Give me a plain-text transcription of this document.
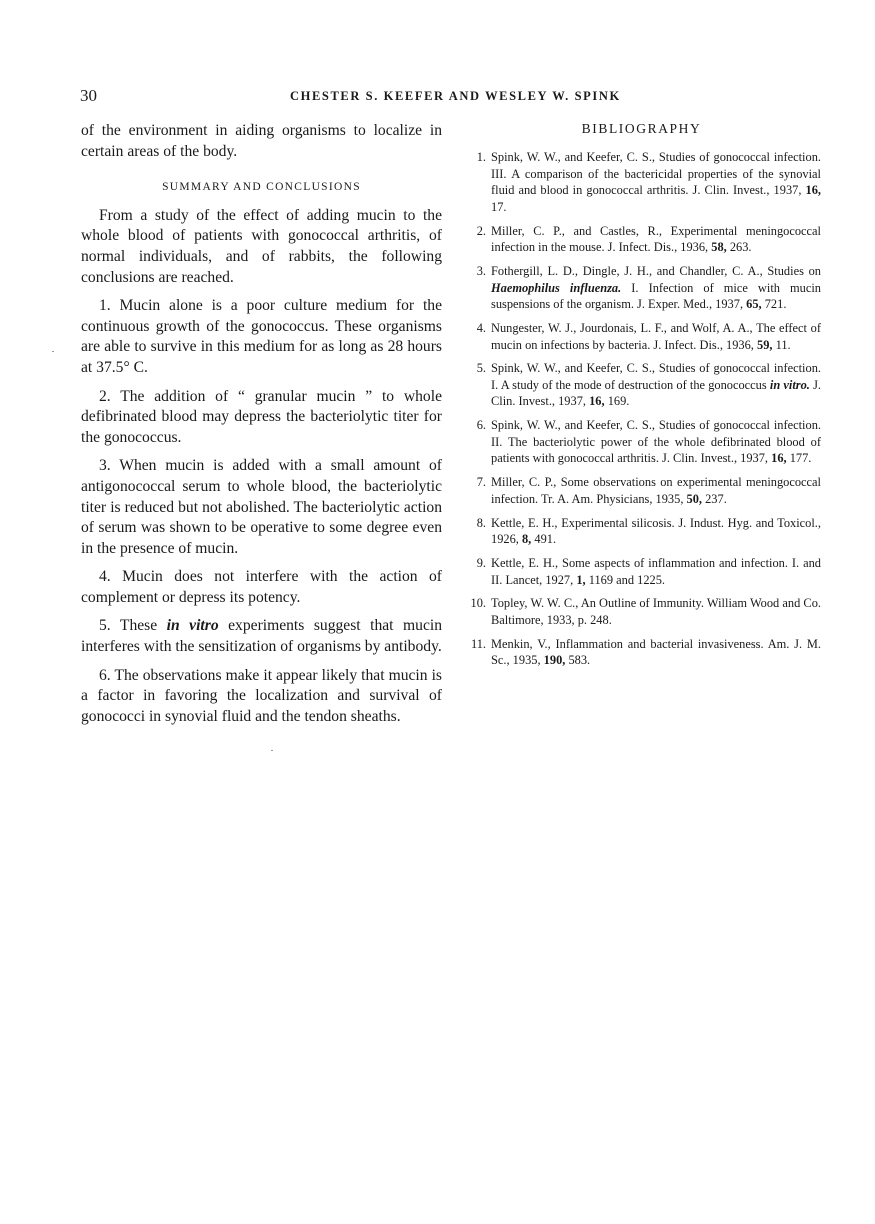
30	CHESTER S. KEEFER AND WESLEY W. SPINK

of the environment in aiding organisms to localize in certain areas of the body.

SUMMARY AND CONCLUSIONS

From a study of the effect of adding mucin to the whole blood of patients with gonococcal arthritis, of normal individuals, and of rabbits, the following conclusions are reached.

1. Mucin alone is a poor culture medium for the continuous growth of the gonococcus. These organisms are able to survive in this medium for as long as 28 hours at 37.5° C.

2. The addition of “ granular mucin ” to whole defibrinated blood may depress the bacteriolytic titer for the gonococcus.

3. When mucin is added with a small amount of antigonococcal serum to whole blood, the bacteriolytic titer is reduced but not abolished. The bacteriolytic action of serum was shown to be operative to some degree even in the presence of mucin.

4. Mucin does not interfere with the action of complement or depress its potency.

5. These in vitro experiments suggest that mucin interferes with the sensitization of organisms by antibody.

6. The observations make it appear likely that mucin is a factor in favoring the localization and survival of gonococci in synovial fluid and the tendon sheaths.

BIBLIOGRAPHY
1. Spink, W. W., and Keefer, C. S., Studies of gonococcal infection. III. A comparison of the bactericidal properties of the synovial fluid and blood in gonococcal arthritis. J. Clin. Invest., 1937, 16, 17.
2. Miller, C. P., and Castles, R., Experimental meningococcal infection in the mouse. J. Infect. Dis., 1936, 58, 263.
3. Fothergill, L. D., Dingle, J. H., and Chandler, C. A., Studies on Haemophilus influenza. I. Infection of mice with mucin suspensions of the organism. J. Exper. Med., 1937, 65, 721.
4. Nungester, W. J., Jourdonais, L. F., and Wolf, A. A., The effect of mucin on infections by bacteria. J. Infect. Dis., 1936, 59, 11.
5. Spink, W. W., and Keefer, C. S., Studies of gonococcal infection. I. A study of the mode of destruction of the gonococcus in vitro. J. Clin. Invest., 1937, 16, 169.
6. Spink, W. W., and Keefer, C. S., Studies of gonococcal infection. II. The bacteriolytic power of the whole defibrinated blood of patients with gonococcal arthritis. J. Clin. Invest., 1937, 16, 177.
7. Miller, C. P., Some observations on experimental meningococcal infection. Tr. A. Am. Physicians, 1935, 50, 237.
8. Kettle, E. H., Experimental silicosis. J. Indust. Hyg. and Toxicol., 1926, 8, 491.
9. Kettle, E. H., Some aspects of inflammation and infection. I. and II. Lancet, 1927, 1, 1169 and 1225.
10. Topley, W. W. C., An Outline of Immunity. William Wood and Co. Baltimore, 1933, p. 248.
11. Menkin, V., Inflammation and bacterial invasiveness. Am. J. M. Sc., 1935, 190, 583.
